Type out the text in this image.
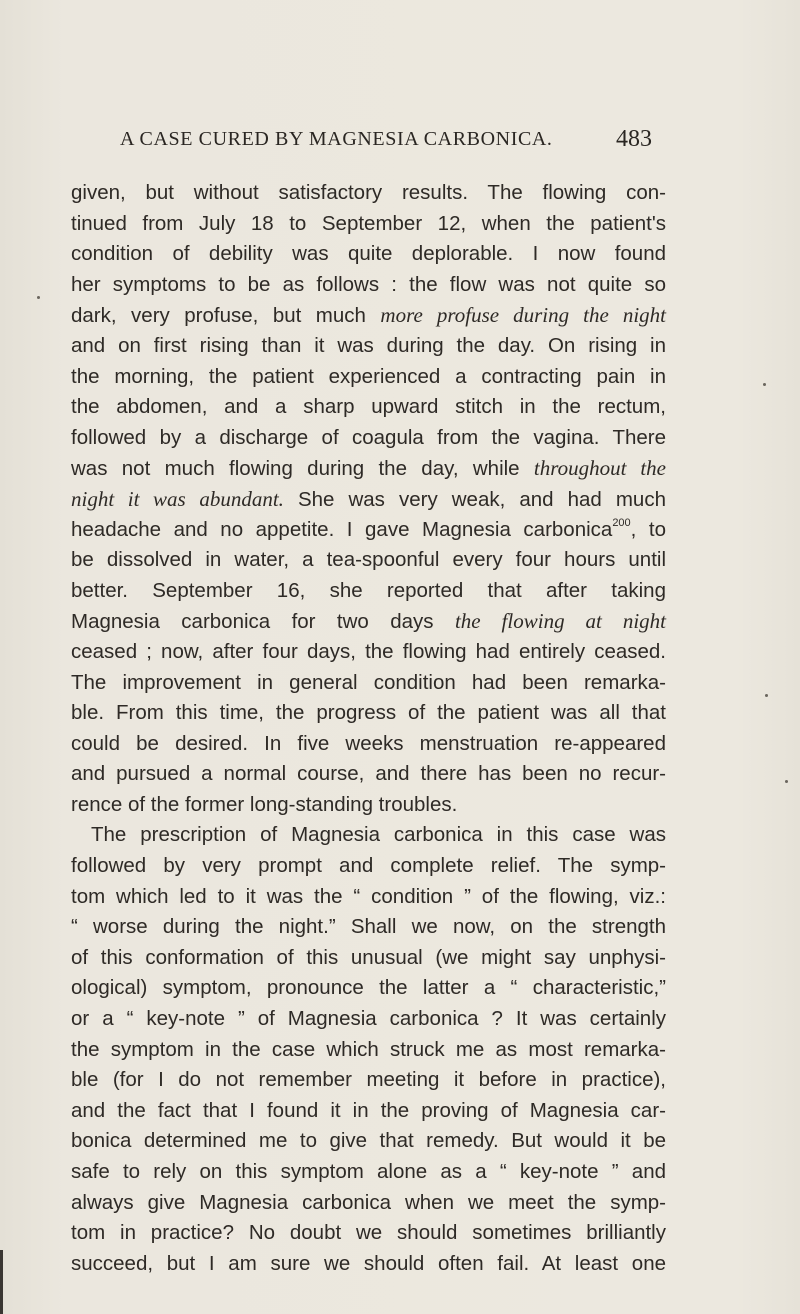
A CASE CURED BY MAGNESIA CARBONICA.	483
given, but without satisfactory results. The flowing con-
tinued from July 18 to September 12, when the patient's
condition of debility was quite deplorable. I now found
her symptoms to be as follows : the flow was not quite so
dark, very profuse, but much more profuse during the night
and on first rising than it was during the day. On rising in
the morning, the patient experienced a contracting pain in
the abdomen, and a sharp upward stitch in the rectum,
followed by a discharge of coagula from the vagina. There
was not much flowing during the day, while throughout the
night it was abundant. She was very weak, and had much
headache and no appetite. I gave Magnesia carbonica$^{200}$, to
be dissolved in water, a tea-spoonful every four hours until
better. September 16, she reported that after taking
Magnesia carbonica for two days the flowing at night
ceased ; now, after four days, the flowing had entirely ceased.
The improvement in general condition had been remarka-
ble. From this time, the progress of the patient was all that
could be desired. In five weeks menstruation re-appeared
and pursued a normal course, and there has been no recur-
rence of the former long-standing troubles.
The prescription of Magnesia carbonica in this case was
followed by very prompt and complete relief. The symp-
tom which led to it was the “ condition ” of the flowing, viz.:
“ worse during the night.” Shall we now, on the strength
of this conformation of this unusual (we might say unphysi-
ological) symptom, pronounce the latter a “ characteristic,”
or a “ key-note ” of Magnesia carbonica ? It was certainly
the symptom in the case which struck me as most remarka-
ble (for I do not remember meeting it before in practice),
and the fact that I found it in the proving of Magnesia car-
bonica determined me to give that remedy. But would it be
safe to rely on this symptom alone as a “ key-note ” and
always give Magnesia carbonica when we meet the symp-
tom in practice? No doubt we should sometimes brilliantly
succeed, but I am sure we should often fail. At least one
